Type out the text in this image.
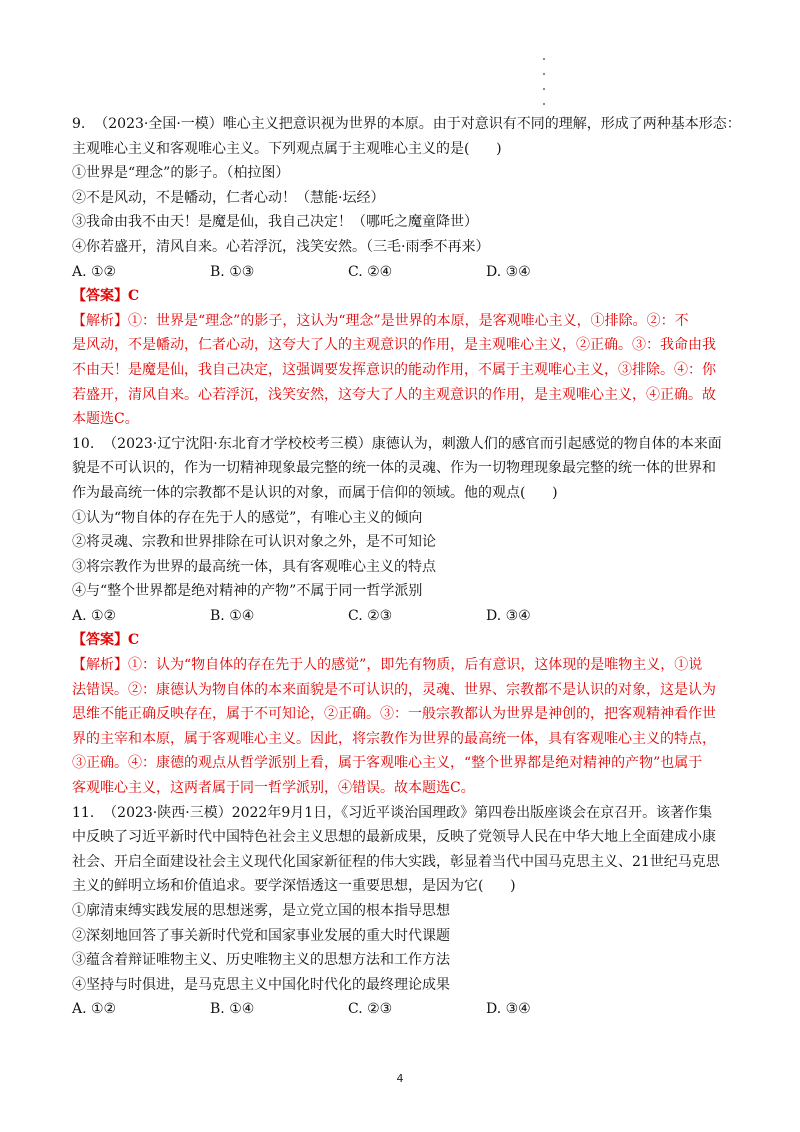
9.  （2023·全国·一模）唯心主义把意识视为世界的本原。由于对意识有不同的理解，形成了两种基本形态：
主观唯心主义和客观唯心主义。下列观点属于主观唯心主义的是(      )
①世界是“理念”的影子。（柏拉图）
②不是风动，不是幡动，仁者心动！（慧能·坛经）
③我命由我不由天！是魔是仙，我自己决定！（哪吒之魔童降世）
④你若盛开，清风自来。心若浮沉，浅笑安然。（三毛·雨季不再来）
A. ①②	B. ①③	C. ②④	D. ③④
【答案】C
【解析】①：世界是“理念”的影子，这认为“理念”是世界的本原，是客观唯心主义，①排除。②：不
是风动，不是幡动，仁者心动，这夸大了人的主观意识的作用，是主观唯心主义，②正确。③：我命由我
不由天！是魔是仙，我自己决定，这强调要发挥意识的能动作用，不属于主观唯心主义，③排除。④：你
若盛开，清风自来。心若浮沉，浅笑安然，这夸大了人的主观意识的作用，是主观唯心主义，④正确。故
本题选C。
10.  （2023·辽宁沈阳·东北育才学校校考三模）康德认为，刺激人们的感官而引起感觉的物自体的本来面
貌是不可认识的，作为一切精神现象最完整的统一体的灵魂、作为一切物理现象最完整的统一体的世界和
作为最高统一体的宗教都不是认识的对象，而属于信仰的领域。他的观点(      )
①认为“物自体的存在先于人的感觉”，有唯心主义的倾向
②将灵魂、宗教和世界排除在可认识对象之外，是不可知论
③将宗教作为世界的最高统一体，具有客观唯心主义的特点
④与“整个世界都是绝对精神的产物”不属于同一哲学派别
A. ①②	B. ①④	C. ②③	D. ③④
【答案】C
【解析】①：认为“物自体的存在先于人的感觉”，即先有物质，后有意识，这体现的是唯物主义，①说
法错误。②：康德认为物自体的本来面貌是不可认识的，灵魂、世界、宗教都不是认识的对象，这是认为
思维不能正确反映存在，属于不可知论，②正确。③：一般宗教都认为世界是神创的，把客观精神看作世
界的主宰和本原，属于客观唯心主义。因此，将宗教作为世界的最高统一体，具有客观唯心主义的特点，
③正确。④：康德的观点从哲学派别上看，属于客观唯心主义，“整个世界都是绝对精神的产物”也属于
客观唯心主义，这两者属于同一哲学派别，④错误。故本题选C。
11.  （2023·陕西·三模）2022年9月1日，《习近平谈治国理政》第四卷出版座谈会在京召开。该著作集
中反映了习近平新时代中国特色社会主义思想的最新成果，反映了党领导人民在中华大地上全面建成小康
社会、开启全面建设社会主义现代化国家新征程的伟大实践，彰显着当代中国马克思主义、21世纪马克思
主义的鲜明立场和价值追求。要学深悟透这一重要思想，是因为它(      )
①廓清束缚实践发展的思想迷雾，是立党立国的根本指导思想
②深刻地回答了事关新时代党和国家事业发展的重大时代课题
③蕴含着辩证唯物主义、历史唯物主义的思想方法和工作方法
④坚持与时俱进，是马克思主义中国化时代化的最终理论成果
A. ①②	B. ①④	C. ②③	D. ③④
4
